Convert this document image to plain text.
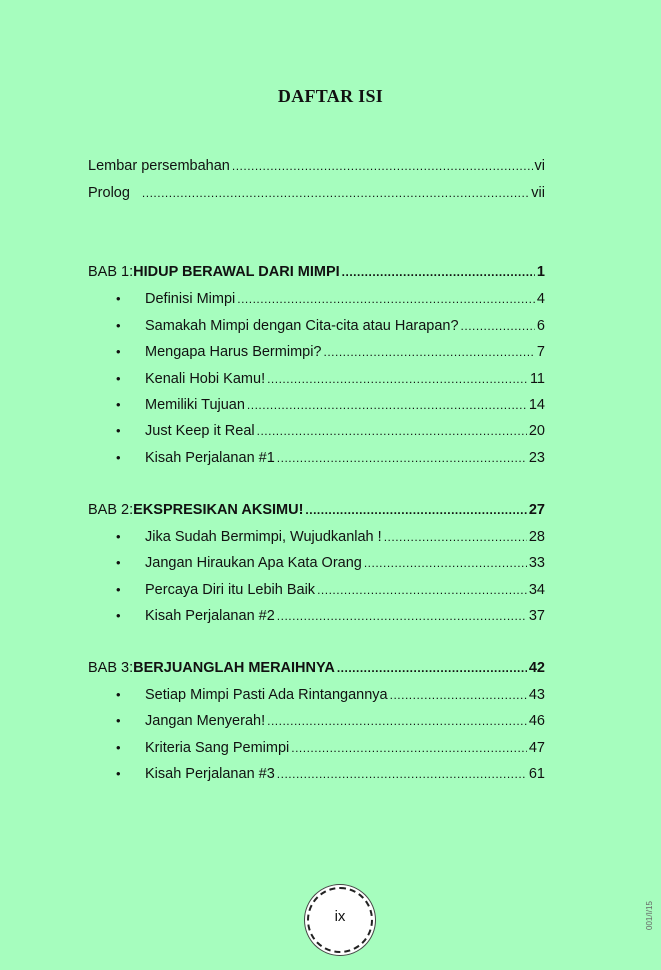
DAFTAR ISI
Lembar persembahan .....	vi
Prolog .....	vii
BAB 1: HIDUP BERAWAL DARI MIMPI .....	1
• Definisi Mimpi .....	4
• Samakah Mimpi dengan Cita-cita atau Harapan? .....	6
• Mengapa Harus Bermimpi? .....	7
• Kenali Hobi Kamu! .....	11
• Memiliki Tujuan .....	14
• Just Keep it Real .....	20
• Kisah Perjalanan #1 .....	23
BAB 2: EKSPRESIKAN AKSIMU! .....	27
• Jika Sudah Bermimpi, Wujudkanlah ! .....	28
• Jangan Hiraukan Apa Kata Orang .....	33
• Percaya Diri itu Lebih Baik .....	34
• Kisah Perjalanan #2 .....	37
BAB 3: BERJUANGLAH MERAIHNYA .....	42
• Setiap Mimpi Pasti Ada Rintangannya .....	43
• Jangan Menyerah! .....	46
• Kriteria Sang Pemimpi .....	47
• Kisah Perjalanan #3 .....	61
ix	001/I/15
